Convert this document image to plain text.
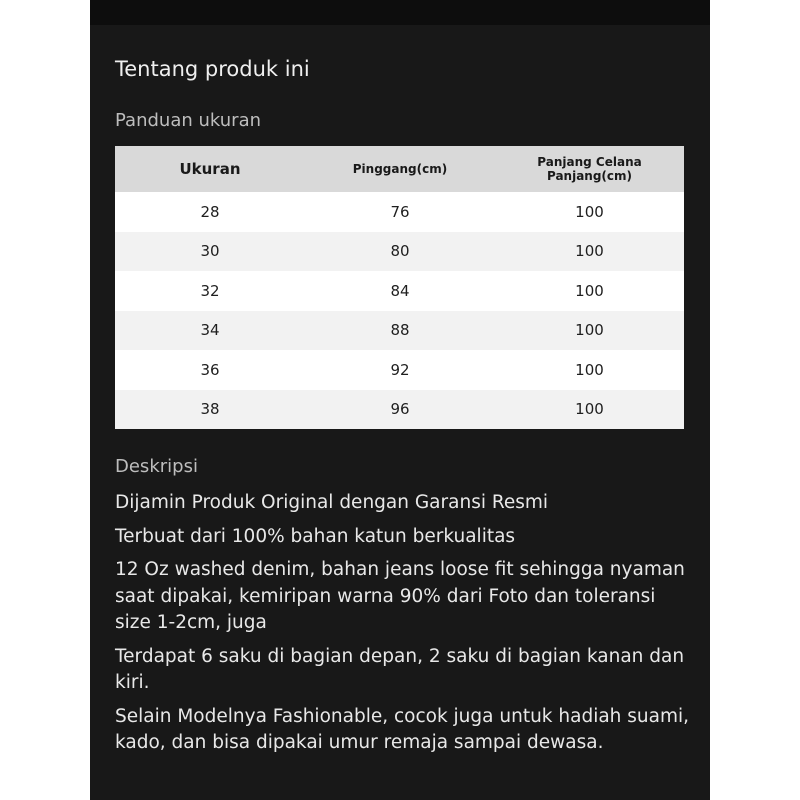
Tentang produk ini
Panduan ukuran
Ukuran	Pinggang(cm)	Panjang Celana
Panjang(cm)
28	76	100
30	80	100
32	84	100
34	88	100
36	92	100
38	96	100
Deskripsi
Dijamin Produk Original dengan Garansi Resmi
Terbuat dari 100% bahan katun berkualitas
12 Oz washed denim, bahan jeans loose fit sehingga nyaman saat dipakai, kemiripan warna 90% dari Foto dan toleransi size 1-2cm, juga
Terdapat 6 saku di bagian depan, 2 saku di bagian kanan dan kiri.
Selain Modelnya Fashionable, cocok juga untuk hadiah suami, kado, dan bisa dipakai umur remaja sampai dewasa.
